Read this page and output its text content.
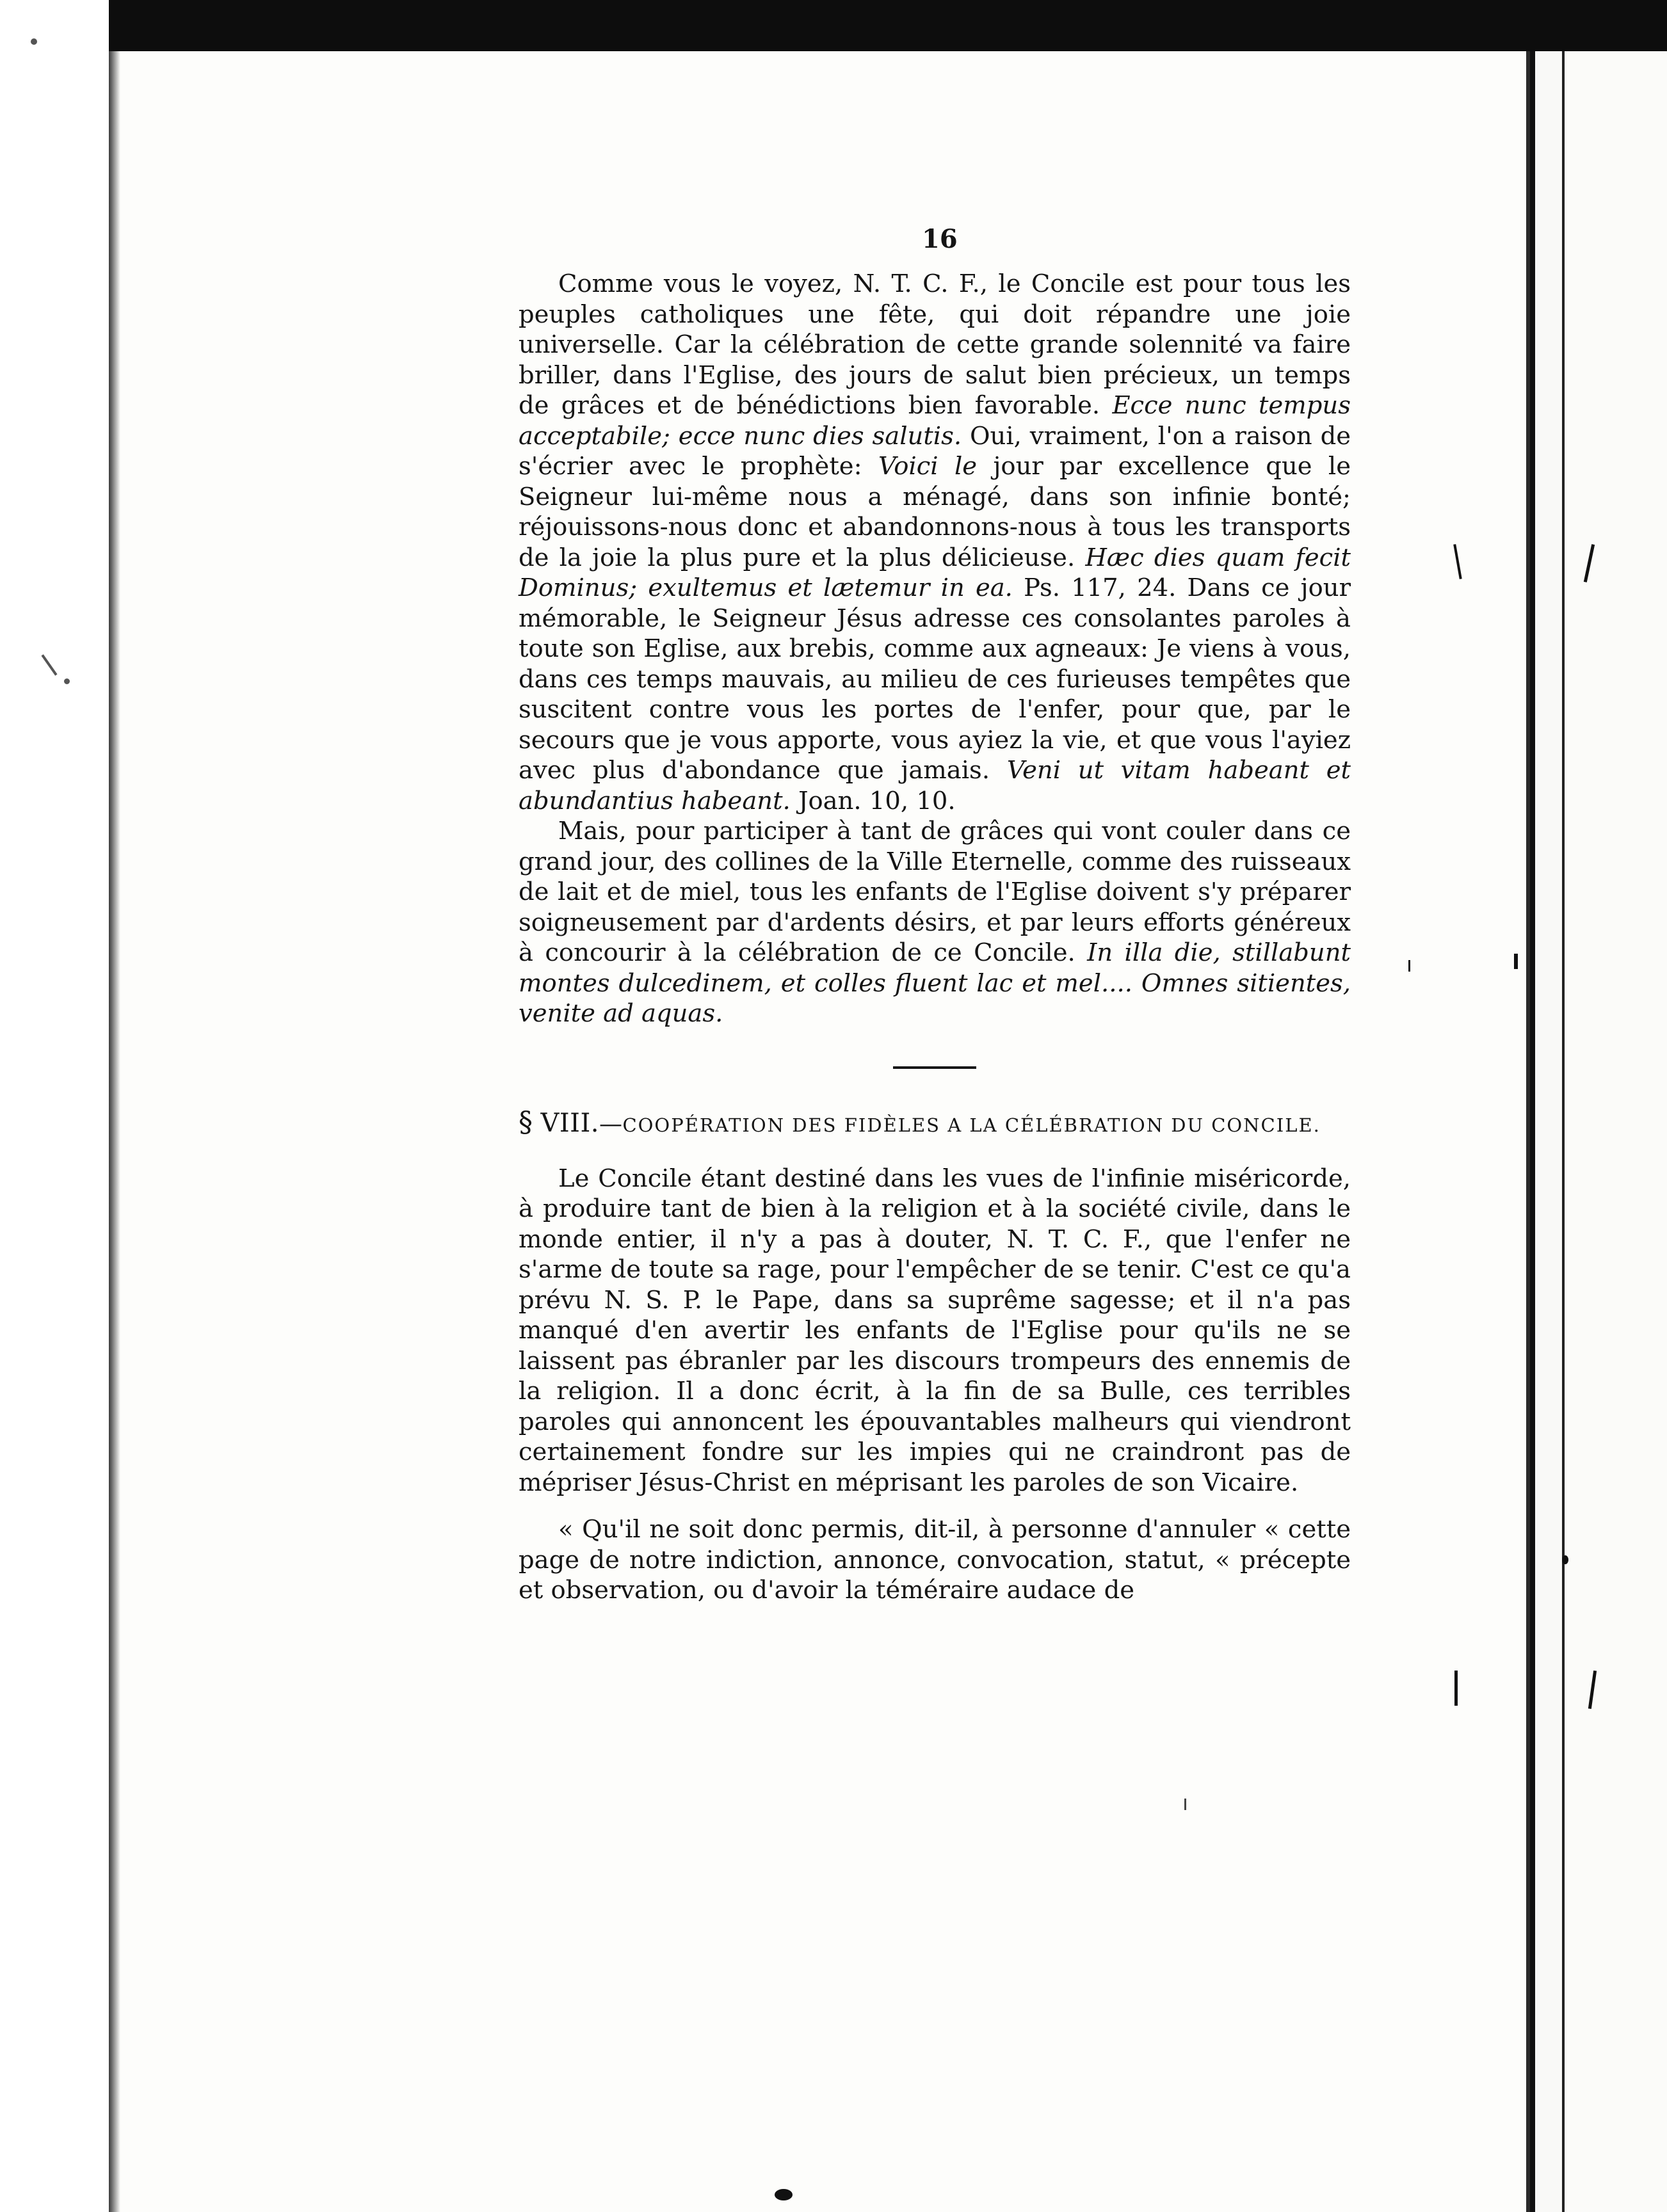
16

Comme vous le voyez, N. T. C. F., le Concile est pour tous les peuples catholiques une fête, qui doit répandre une joie universelle. Car la célébration de cette grande solennité va faire briller, dans l'Eglise, des jours de salut bien précieux, un temps de grâces et de bénédictions bien favorable. Ecce nunc tempus acceptabile; ecce nunc dies salutis. Oui, vraiment, l'on a raison de s'écrier avec le prophète: Voici le jour par excellence que le Seigneur lui-même nous a ménagé, dans son infinie bonté; réjouissons-nous donc et abandonnons-nous à tous les transports de la joie la plus pure et la plus délicieuse. Hæc dies quam fecit Dominus; exultemus et lætemur in ea. Ps. 117, 24. Dans ce jour mémorable, le Seigneur Jésus adresse ces consolantes paroles à toute son Eglise, aux brebis, comme aux agneaux: Je viens à vous, dans ces temps mauvais, au milieu de ces furieuses tempêtes que suscitent contre vous les portes de l'enfer, pour que, par le secours que je vous apporte, vous ayiez la vie, et que vous l'ayiez avec plus d'abondance que jamais. Veni ut vitam habeant et abundantius habeant. Joan. 10, 10.

Mais, pour participer à tant de grâces qui vont couler dans ce grand jour, des collines de la Ville Eternelle, comme des ruisseaux de lait et de miel, tous les enfants de l'Eglise doivent s'y préparer soigneusement par d'ardents désirs, et par leurs efforts généreux à concourir à la célébration de ce Concile. In illa die, stillabunt montes dulcedinem, et colles fluent lac et mel.... Omnes sitientes, venite ad aquas.

§ VIII.—COOPÉRATION DES FIDÈLES A LA CÉLÉBRATION DU CONCILE.

Le Concile étant destiné dans les vues de l'infinie miséricorde, à produire tant de bien à la religion et à la société civile, dans le monde entier, il n'y a pas à douter, N. T. C. F., que l'enfer ne s'arme de toute sa rage, pour l'empêcher de se tenir. C'est ce qu'a prévu N. S. P. le Pape, dans sa suprême sagesse; et il n'a pas manqué d'en avertir les enfants de l'Eglise pour qu'ils ne se laissent pas ébranler par les discours trompeurs des ennemis de la religion. Il a donc écrit, à la fin de sa Bulle, ces terribles paroles qui annoncent les épouvantables malheurs qui viendront certainement fondre sur les impies qui ne craindront pas de mépriser Jésus-Christ en méprisant les paroles de son Vicaire.

« Qu'il ne soit donc permis, dit-il, à personne d'annuler « cette page de notre indiction, annonce, convocation, statut, « précepte et observation, ou d'avoir la téméraire audace de
